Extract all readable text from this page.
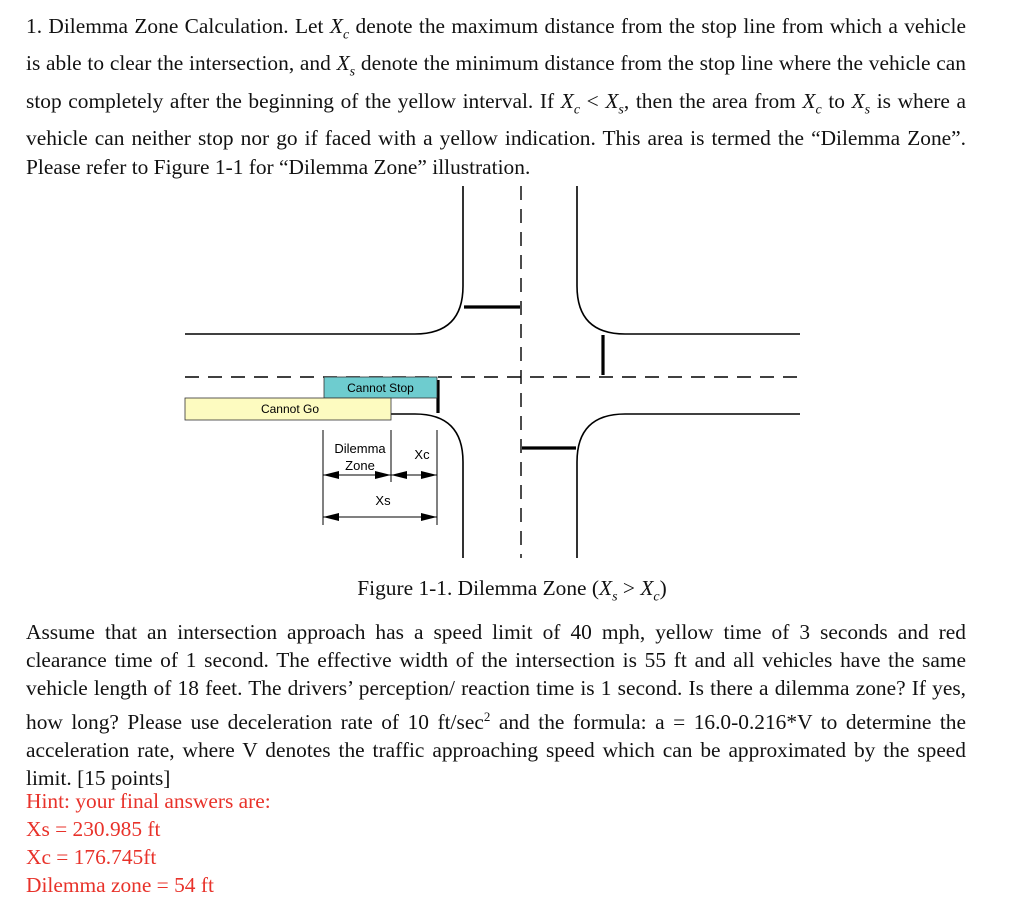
1. Dilemma Zone Calculation. Let $X_c$ denote the maximum distance from the stop line from which a vehicle is able to clear the intersection, and $X_s$ denote the minimum distance from the stop line where the vehicle can stop completely after the beginning of the yellow interval. If $X_c < X_s$, then the area from $X_c$ to $X_s$ is where a vehicle can neither stop nor go if faced with a yellow indication. This area is termed the “Dilemma Zone”. Please refer to Figure 1-1 for “Dilemma Zone” illustration.

Cannot Stop
Cannot Go
Dilemma
Zone
Xc
Xs
Figure 1-1. Dilemma Zone $(X_s > X_c)$

Assume that an intersection approach has a speed limit of 40 mph, yellow time of 3 seconds and red clearance time of 1 second. The effective width of the intersection is 55 ft and all vehicles have the same vehicle length of 18 feet. The drivers’ perception/ reaction time is 1 second. Is there a dilemma zone? If yes, how long? Please use deceleration rate of 10 $ft/\sec^2$ and the formula: a = 16.0-0.216*V to determine the acceleration rate, where V denotes the traffic approaching speed which can be approximated by the speed limit. [15 points]

Hint: your final answers are:
Xs = 230.985 ft
Xc = 176.745ft
Dilemma zone = 54 ft
